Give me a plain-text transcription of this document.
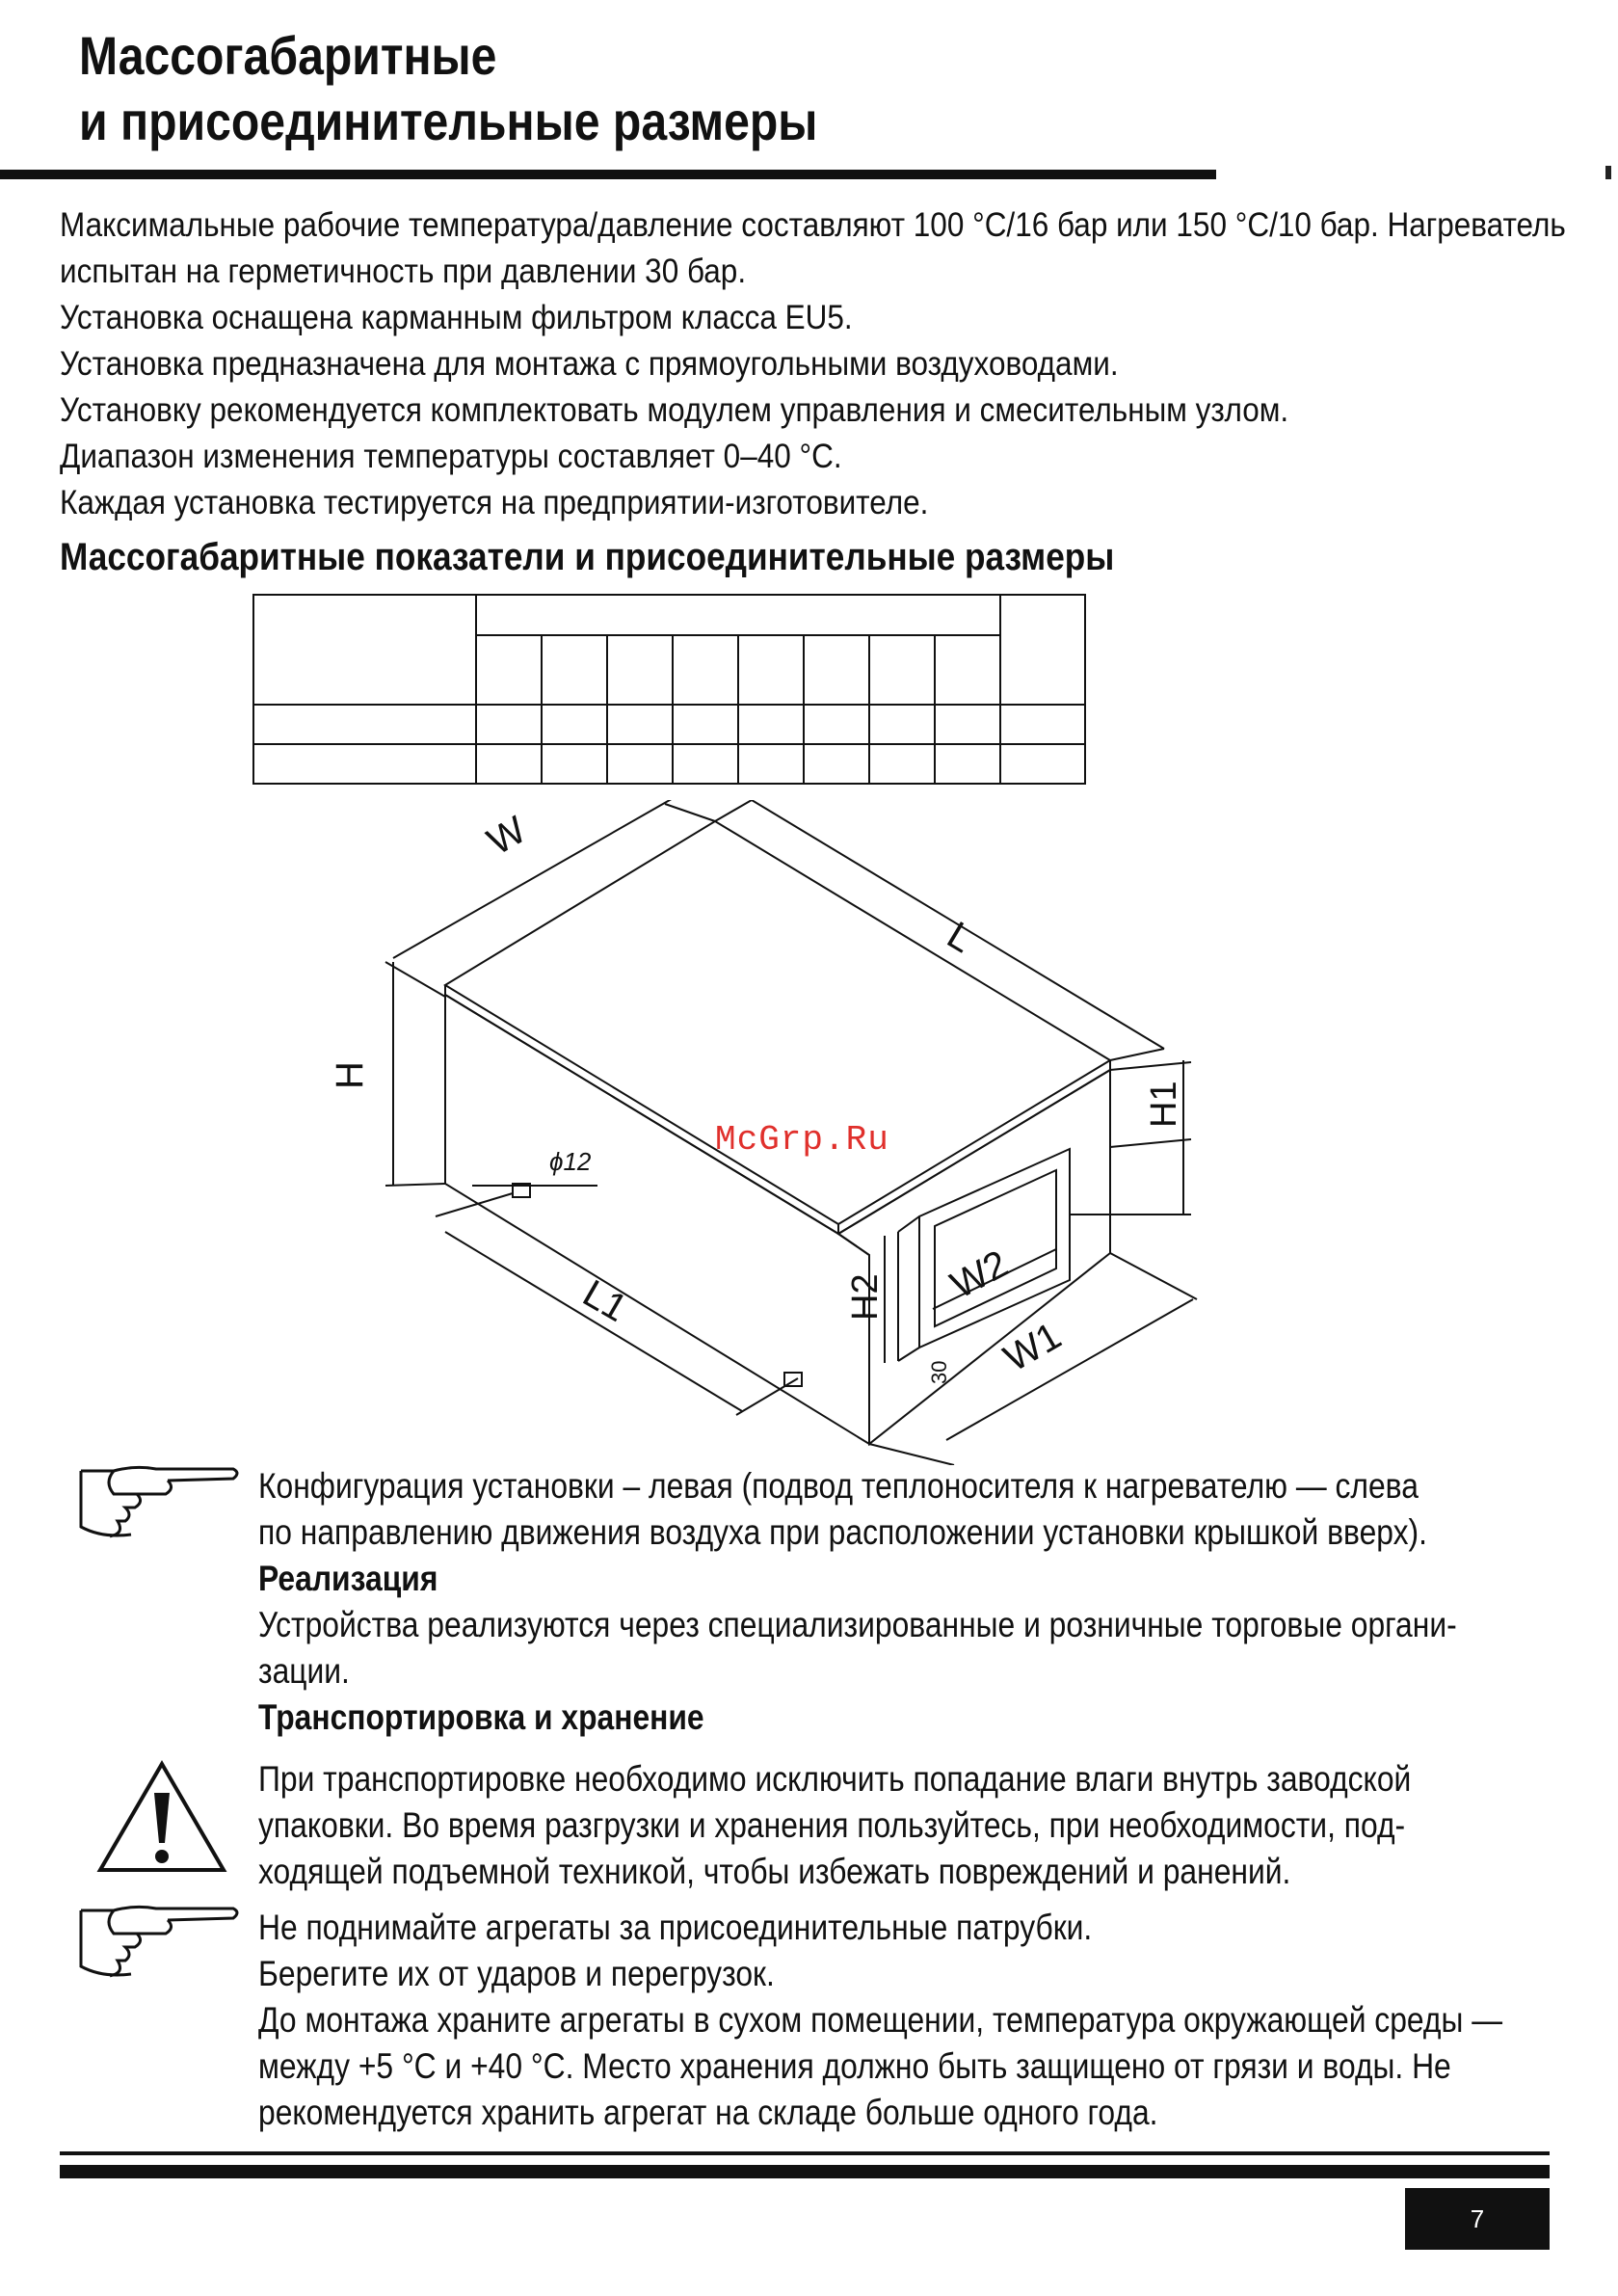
Массогабаритные
и присоединительные размеры

Максимальные рабочие температура/давление составляют 100 °С/16 бар или 150 °С/10 бар. Нагреватель

испытан на герметичность при давлении 30 бар.

Установка оснащена карманным фильтром класса EU5.

Установка предназначена для монтажа с прямоугольными воздуховодами.

Установку рекомендуется комплектовать модулем управления и смесительным узлом.

Диапазон изменения температуры составляет 0–40 °С.

Каждая установка тестируется на предприятии-изготовителе.

Массогабаритные показатели и присоединительные размеры

W
L
H
H1
H2 W2
W1
L1
ϕ12
30
McGrp.Ru

Конфигурация установки – левая (подвод теплоносителя к нагревателю — слева

по направлению движения воздуха при расположении установки крышкой вверх).

Реализация

Устройства реализуются через специализированные и розничные торговые органи-

зации.

Транспортировка и хранение

При транспортировке необходимо исключить попадание влаги внутрь заводской

упаковки. Во время разгрузки и хранения пользуйтесь, при необходимости, под-

ходящей подъемной техникой, чтобы избежать повреждений и ранений.

Не поднимайте агрегаты за присоединительные патрубки.

Берегите их от ударов и перегрузок.

До монтажа храните агрегаты в сухом помещении, температура окружающей среды —

между +5 °С и +40 °С. Место хранения должно быть защищено от грязи и воды. Не

рекомендуется хранить агрегат на складе больше одного года.

7
